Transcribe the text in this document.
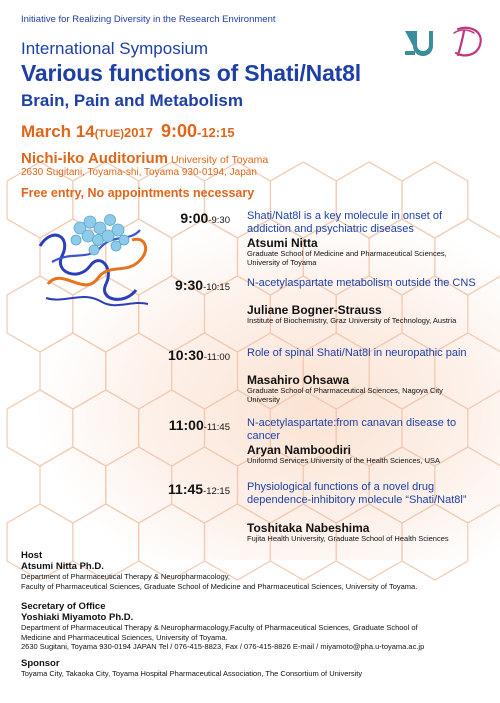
Initiative for Realizing Diversity in the Research Environment
International Symposium
Various functions of Shati/Nat8l
Brain, Pain and Metabolism
March 14(TUE)2017 9:00-12:15
Nichi-iko Auditorium University of Toyama
2630 Sugitani, Toyama-shi, Toyama 930-0194, Japan
Free entry, No appointments necessary
9:00-9:30 Shati/Nat8l is a key molecule in onset of addiction and psychiatric diseases
Atsumi Nitta
Graduate School of Medicine and Pharmaceutical Sciences, University of Toyama
9:30-10:15 N-acetylaspartate metabolism outside the CNS
Juliane Bogner-Strauss
Institute of Biochemistry, Graz University of Technology, Austria
10:30-11:00 Role of spinal Shati/Nat8l in neuropathic pain
Masahiro Ohsawa
Graduate School of Pharmaceutical Sciences, Nagoya City University
11:00-11:45 N-acetylaspartate:from canavan disease to cancer
Aryan Namboodiri
Uniformd Services University of the Health Sciences, USA
11:45-12:15 Physiological functions of a novel drug dependence-inhibitory molecule “Shati/Nat8l”
Toshitaka Nabeshima
Fujita Health University, Graduate School of Health Sciences
Host
Atsumi Nitta Ph.D.
Department of Pharmaceutical Therapy & Neuropharmacology,
Faculty of Pharmaceutical Sciences, Graduate School of Medicine and Pharmaceutical Sciences, University of Toyama.
Secretary of Office
Yoshiaki Miyamoto Ph.D.
Department of Pharmaceutical Therapy & Neuropharmacology,Faculty of Pharmaceutical Sciences, Graduate School of
Medicine and Pharmaceutical Sciences, University of Toyama.
2630 Sugitani, Toyama 930-0194 JAPAN Tel / 076-415-8823, Fax / 076-415-8826 E-mail / miyamoto@pha.u-toyama.ac.jp
Sponsor
Toyama City, Takaoka City, Toyama Hospital Pharmaceutical Association, The Consortium of University
